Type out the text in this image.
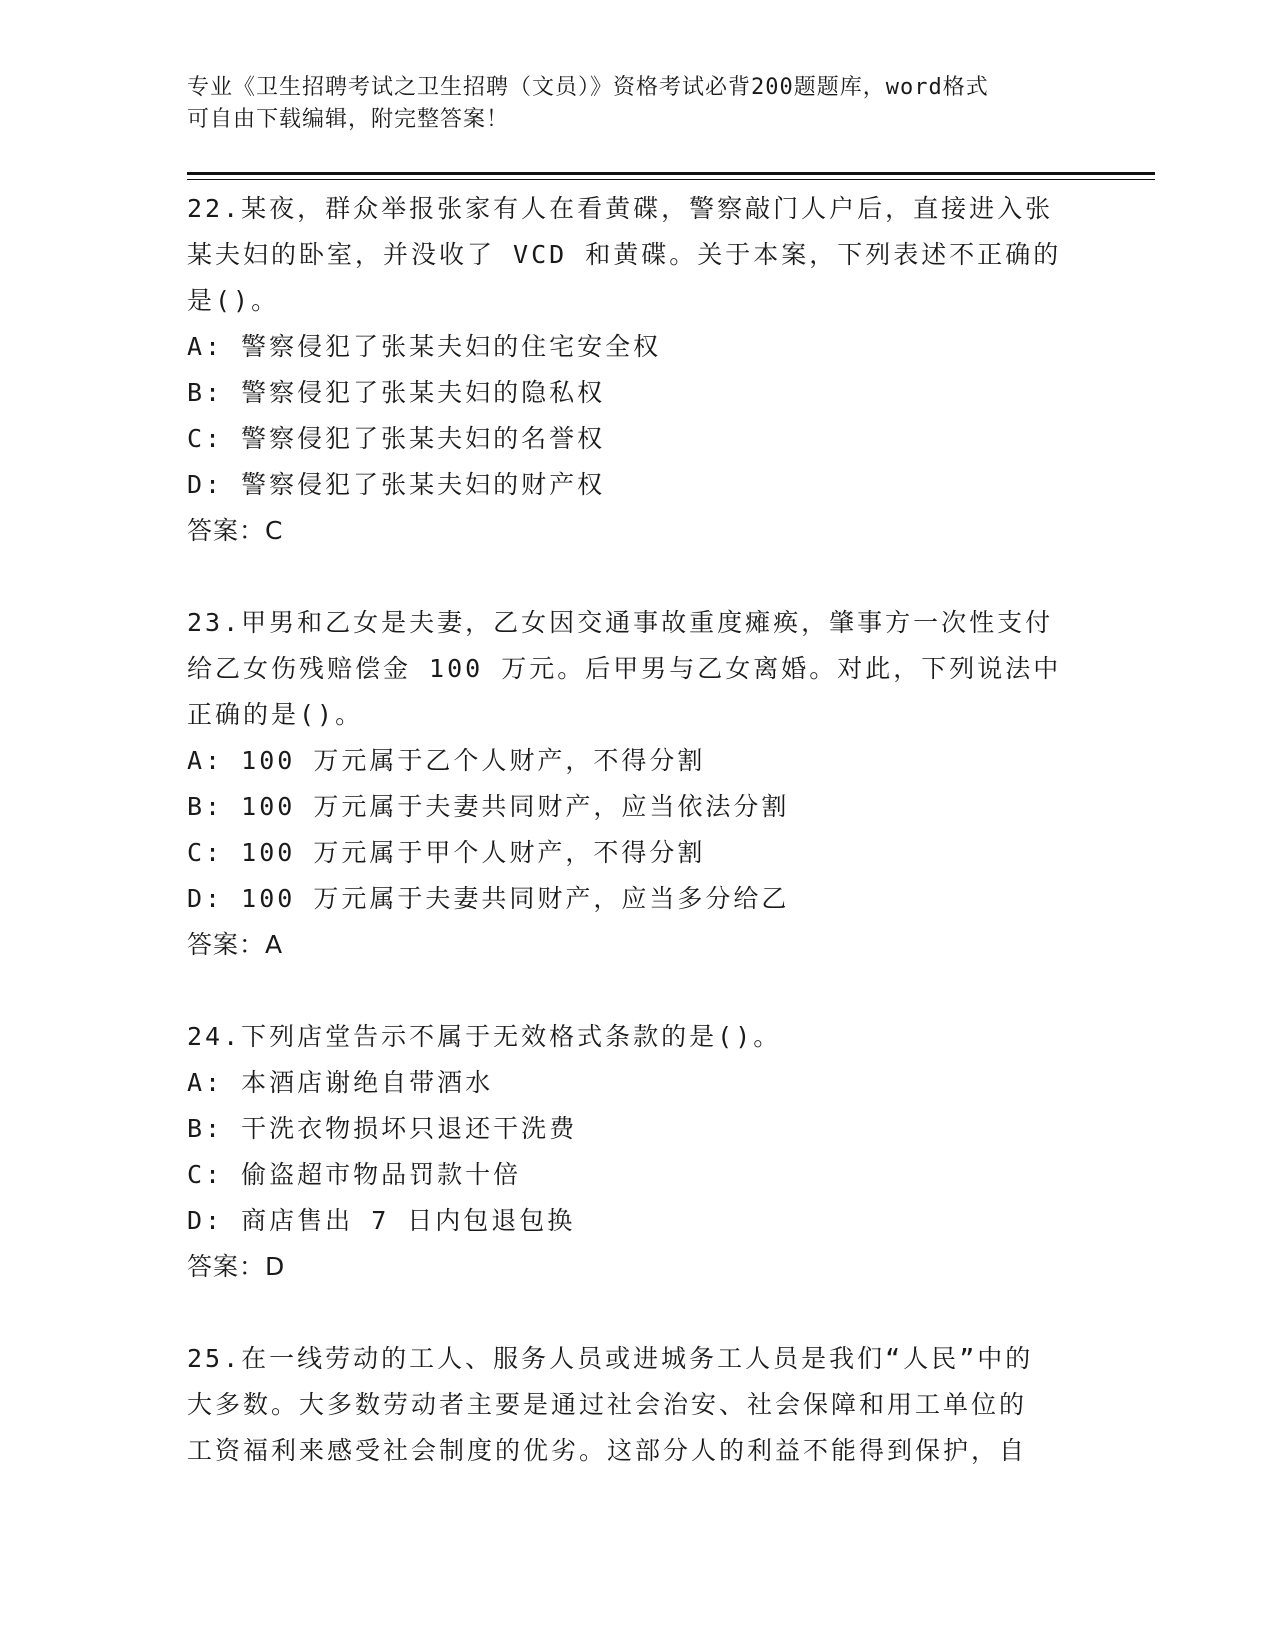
专业《卫生招聘考试之卫生招聘（文员）》资格考试必背200题题库，word格式
可自由下载编辑，附完整答案！
22.某夜，群众举报张家有人在看黄碟，警察敲门人户后，直接进入张
某夫妇的卧室，并没收了 VCD 和黄碟。关于本案，下列表述不正确的
是()。
A: 警察侵犯了张某夫妇的住宅安全权
B: 警察侵犯了张某夫妇的隐私权
C: 警察侵犯了张某夫妇的名誉权
D: 警察侵犯了张某夫妇的财产权
答案：C
23.甲男和乙女是夫妻，乙女因交通事故重度瘫痪，肇事方一次性支付
给乙女伤残赔偿金 100 万元。后甲男与乙女离婚。对此，下列说法中
正确的是()。
A: 100 万元属于乙个人财产，不得分割
B: 100 万元属于夫妻共同财产，应当依法分割
C: 100 万元属于甲个人财产，不得分割
D: 100 万元属于夫妻共同财产，应当多分给乙
答案：A
24.下列店堂告示不属于无效格式条款的是()。
A: 本酒店谢绝自带酒水
B: 干洗衣物损坏只退还干洗费
C: 偷盗超市物品罚款十倍
D: 商店售出 7 日内包退包换
答案：D
25.在一线劳动的工人、服务人员或进城务工人员是我们“人民”中的
大多数。大多数劳动者主要是通过社会治安、社会保障和用工单位的
工资福利来感受社会制度的优劣。这部分人的利益不能得到保护，自
